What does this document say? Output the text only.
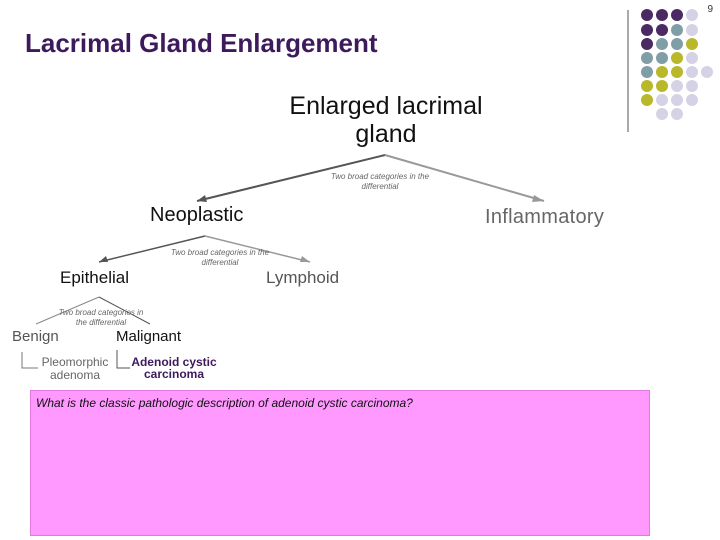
9
Lacrimal Gland Enlargement
Enlarged lacrimal gland
Two broad categories in the differential
Neoplastic	Inflammatory
Two broad categories in the differential
Epithelial	Lymphoid
Two broad categories in the differential
Benign	Malignant
Pleomorphic adenoma
Adenoid cystic carcinoma
What is the classic pathologic description of adenoid cystic carcinoma?
